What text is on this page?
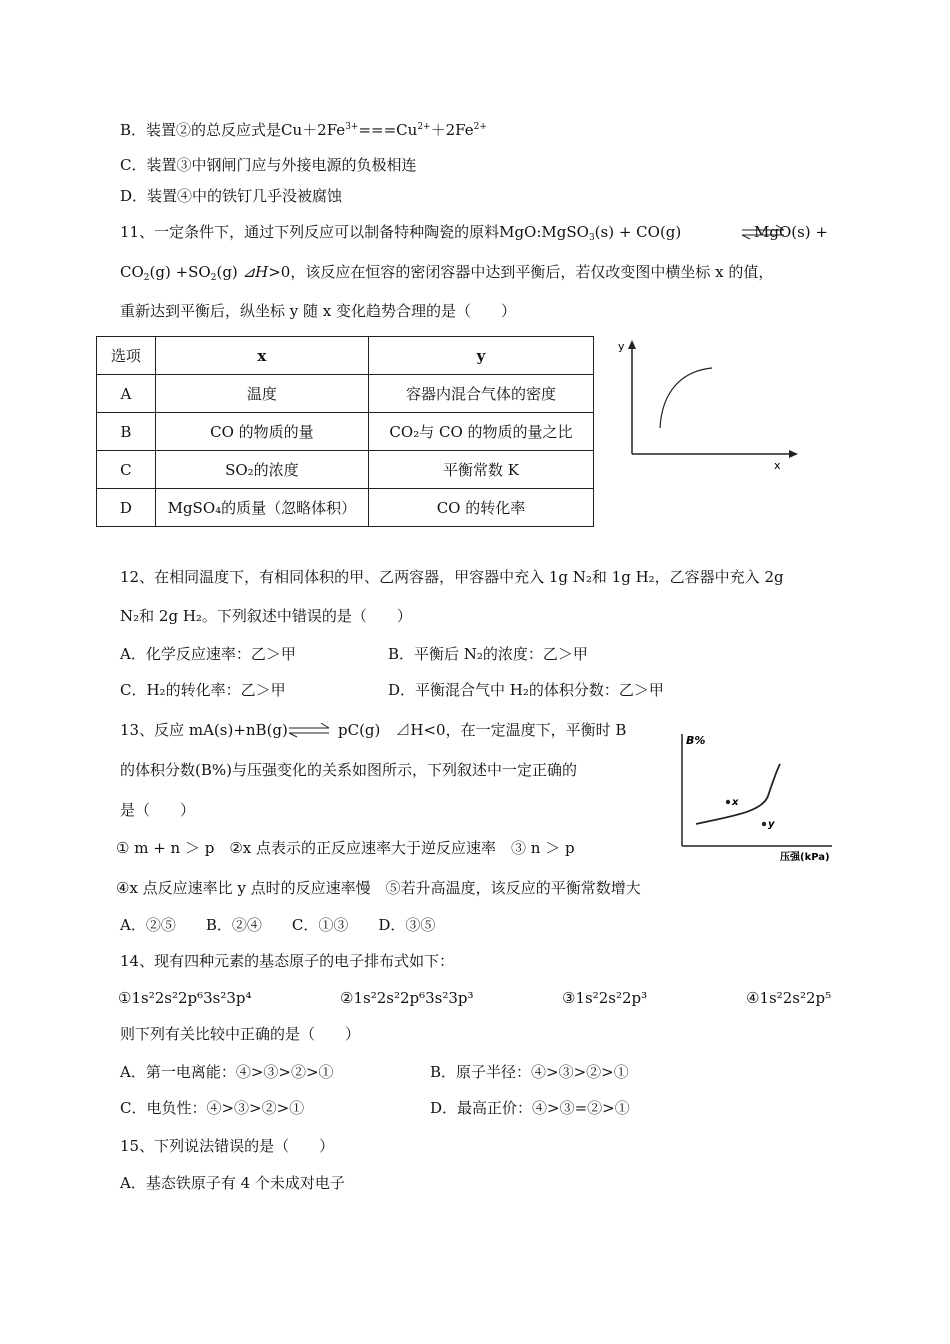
B．装置②的总反应式是$Cu+2Fe^{3+}===Cu^{2+}+2Fe^{2+}$
C．装置③中钢闸门应与外接电源的负极相连
D．装置④中的铁钉几乎没被腐蚀
11、一定条件下，通过下列反应可以制备特种陶瓷的原料MgO:MgSO$_3$(s) + CO(g)	MgO(s) +
$CO_2(g) +SO_2(g)$ ⊿H>0，该反应在恒容的密闭容器中达到平衡后，若仅改变图中横坐标 x 的值，
重新达到平衡后，纵坐标 y 随 x 变化趋势合理的是（　　）
选项	x	y
A	温度	容器内混合气体的密度
B	CO 的物质的量	CO₂与 CO 的物质的量之比
C	SO₂的浓度	平衡常数 K
D	MgSO₄的质量（忽略体积）	CO 的转化率
y
x
12、在相同温度下，有相同体积的甲、乙两容器，甲容器中充入 1g N₂和 1g H₂，乙容器中充入 2g
N₂和 2g H₂。下列叙述中错误的是（　　）
A．化学反应速率：乙＞甲	B．平衡后 N₂的浓度：乙＞甲
C．H₂的转化率：乙＞甲	D．平衡混合气中 H₂的体积分数：乙＞甲
13、反应 mA(s)+nB(g) ⇌ pC(g)　⊿H<0，在一定温度下，平衡时 B
的体积分数(B%)与压强变化的关系如图所示，下列叙述中一定正确的
是（　　）
① m + n ＞ p　②x 点表示的正反应速率大于逆反应速率　③ n ＞ p
④x 点反应速率比 y 点时的反应速率慢　⑤若升高温度，该反应的平衡常数增大
A．②⑤　　B．②④　　C．①③　　D．③⑤
B%
x
y
压强(kPa)
14、现有四种元素的基态原子的电子排布式如下：
①1s²2s²2p⁶3s²3p⁴	②1s²2s²2p⁶3s²3p³	③1s²2s²2p³	④1s²2s²2p⁵
则下列有关比较中正确的是（　　）
A．第一电离能：④>③>②>①	B．原子半径：④>③>②>①
C．电负性：④>③>②>①	D．最高正价：④>③=②>①
15、下列说法错误的是（　　）
A．基态铁原子有 4 个未成对电子
